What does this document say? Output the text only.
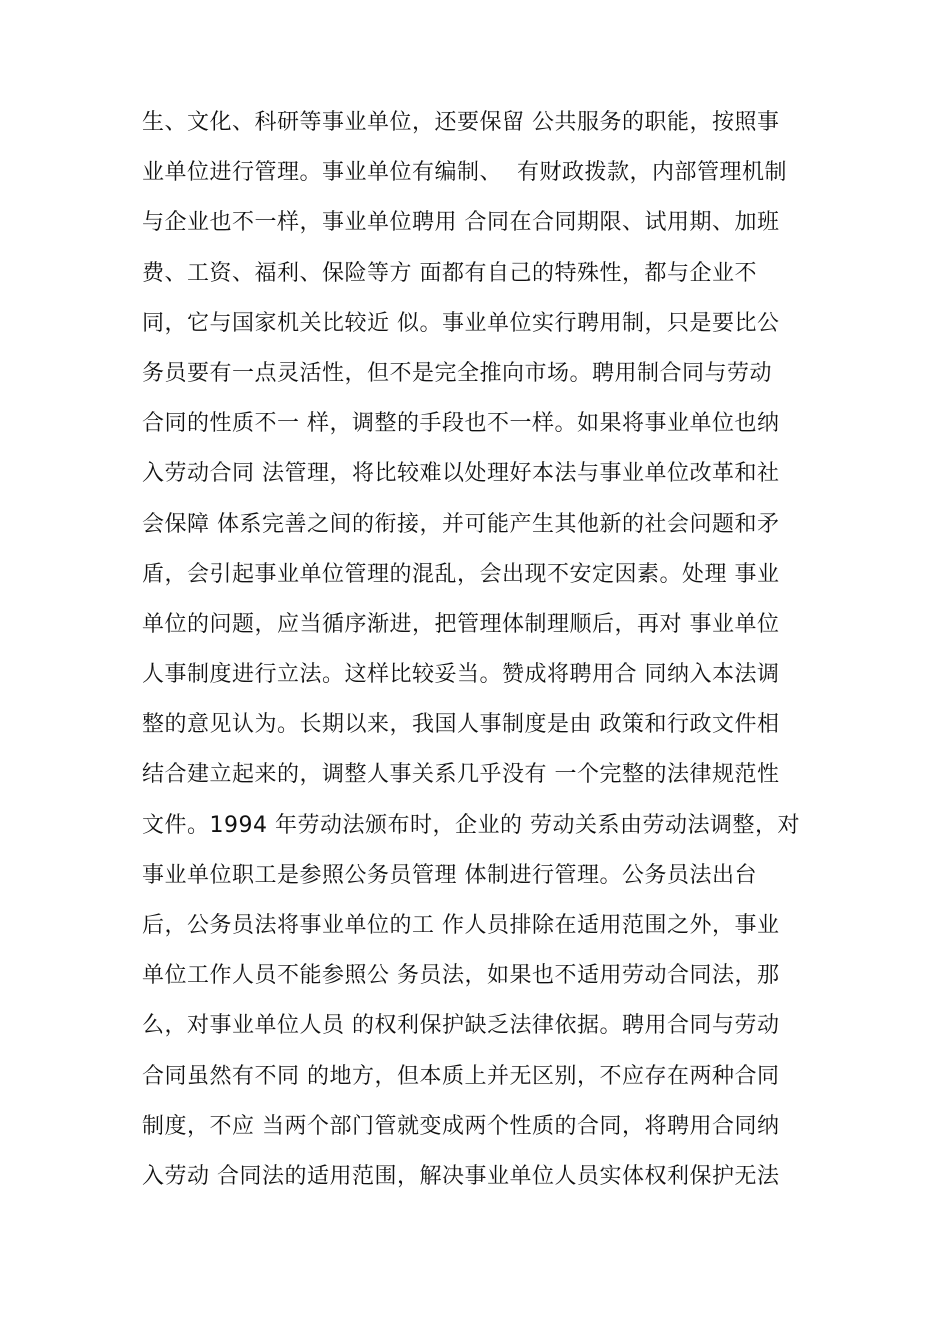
生、文化、科研等事业单位，还要保留 公共服务的职能，按照事
业单位进行管理。事业单位有编制、  有财政拨款，内部管理机制
与企业也不一样，事业单位聘用 合同在合同期限、试用期、加班
费、工资、福利、保险等方 面都有自己的特殊性，都与企业不
同，它与国家机关比较近 似。事业单位实行聘用制，只是要比公
务员要有一点灵活性，但不是完全推向市场。聘用制合同与劳动
合同的性质不一 样，调整的手段也不一样。如果将事业单位也纳
入劳动合同 法管理，将比较难以处理好本法与事业单位改革和社
会保障 体系完善之间的衔接，并可能产生其他新的社会问题和矛
盾，会引起事业单位管理的混乱，会出现不安定因素。处理 事业
单位的问题，应当循序渐进，把管理体制理顺后，再对 事业单位
人事制度进行立法。这样比较妥当。赞成将聘用合 同纳入本法调
整的意见认为。长期以来，我国人事制度是由 政策和行政文件相
结合建立起来的，调整人事关系几乎没有 一个完整的法律规范性
文件。1994 年劳动法颁布时，企业的 劳动关系由劳动法调整，对
事业单位职工是参照公务员管理 体制进行管理。公务员法出台
后，公务员法将事业单位的工 作人员排除在适用范围之外，事业
单位工作人员不能参照公 务员法，如果也不适用劳动合同法，那
么，对事业单位人员 的权利保护缺乏法律依据。聘用合同与劳动
合同虽然有不同 的地方，但本质上并无区别，不应存在两种合同
制度，不应 当两个部门管就变成两个性质的合同，将聘用合同纳
入劳动 合同法的适用范围，解决事业单位人员实体权利保护无法
